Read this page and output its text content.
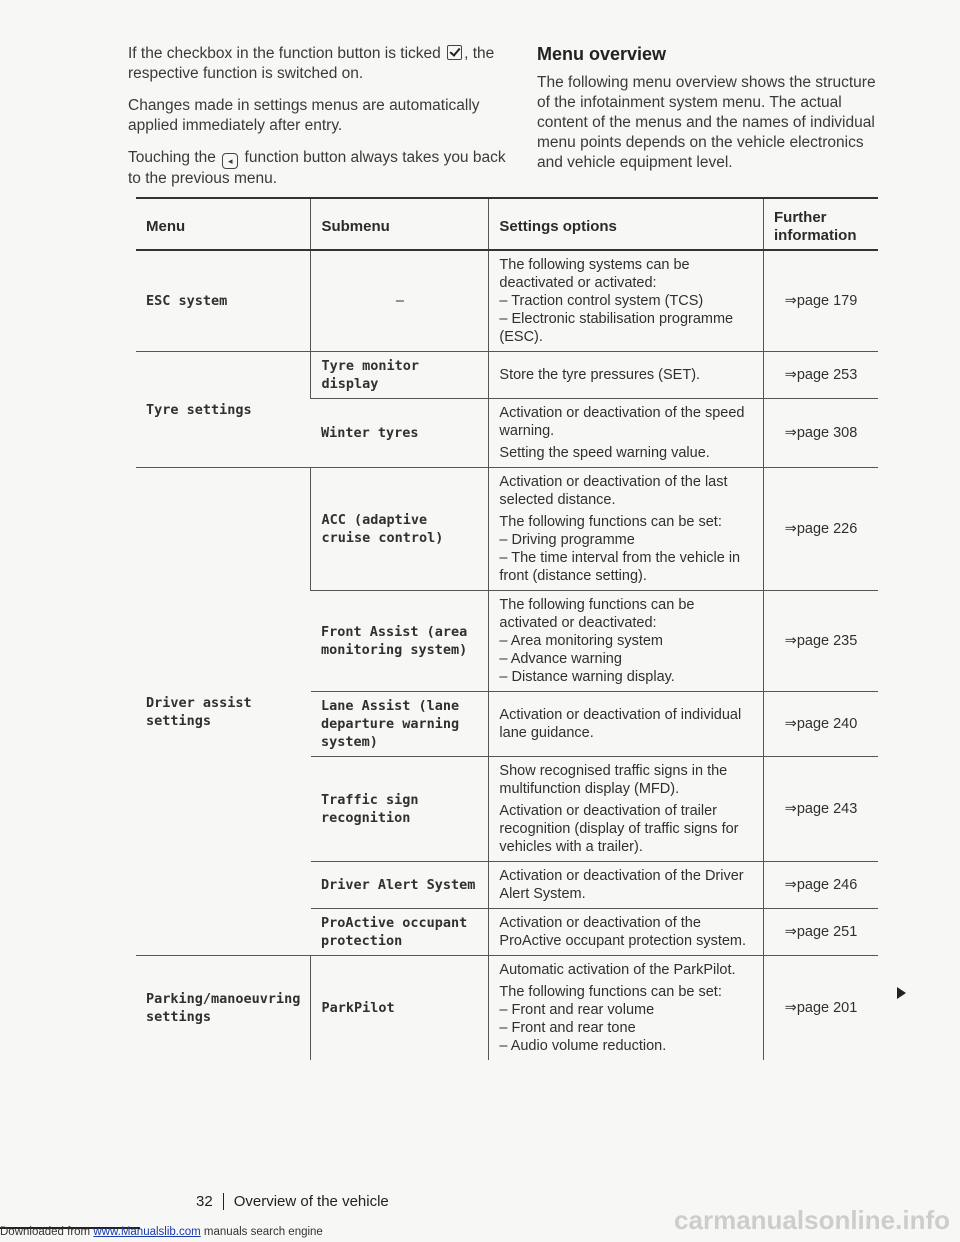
If the checkbox in the function button is ticked , the respective function is switched on.

Changes made in settings menus are automatically applied immediately after entry.

Touching the ◂ function button always takes you back to the previous menu.

Menu overview

The following menu overview shows the structure of the infotainment system menu. The actual content of the menus and the names of individual menu points depends on the vehicle electronics and vehicle equipment level.

Menu	Submenu	Settings options	Further information
ESC system	–	The following systems can be deactivated or activated:
– Traction control system (TCS)
– Electronic stabilisation programme (ESC).	⇒page 179
Tyre settings	Tyre monitor display	Store the tyre pressures (SET).	⇒page 253
	Winter tyres	Activation or deactivation of the speed warning.
Setting the speed warning value.	⇒page 308
Driver assist settings	ACC (adaptive cruise control)	Activation or deactivation of the last selected distance.
The following functions can be set:
– Driving programme
– The time interval from the vehicle in front (distance setting).	⇒page 226
	Front Assist (area monitoring system)	The following functions can be activated or deactivated:
– Area monitoring system
– Advance warning
– Distance warning display.	⇒page 235
	Lane Assist (lane departure warning system)	Activation or deactivation of individual lane guidance.	⇒page 240
	Traffic sign recognition	Show recognised traffic signs in the multifunction display (MFD).
Activation or deactivation of trailer recognition (display of traffic signs for vehicles with a trailer).	⇒page 243
	Driver Alert System	Activation or deactivation of the Driver Alert System.	⇒page 246
	ProActive occupant protection	Activation or deactivation of the ProActive occupant protection system.	⇒page 251
Parking/manoeuvring settings	ParkPilot	Automatic activation of the ParkPilot.
The following functions can be set:
– Front and rear volume
– Front and rear tone
– Audio volume reduction.	⇒page 201
32 Overview of the vehicle
Downloaded from www.Manualslib.com manuals search engine	carmanualsonline.info
